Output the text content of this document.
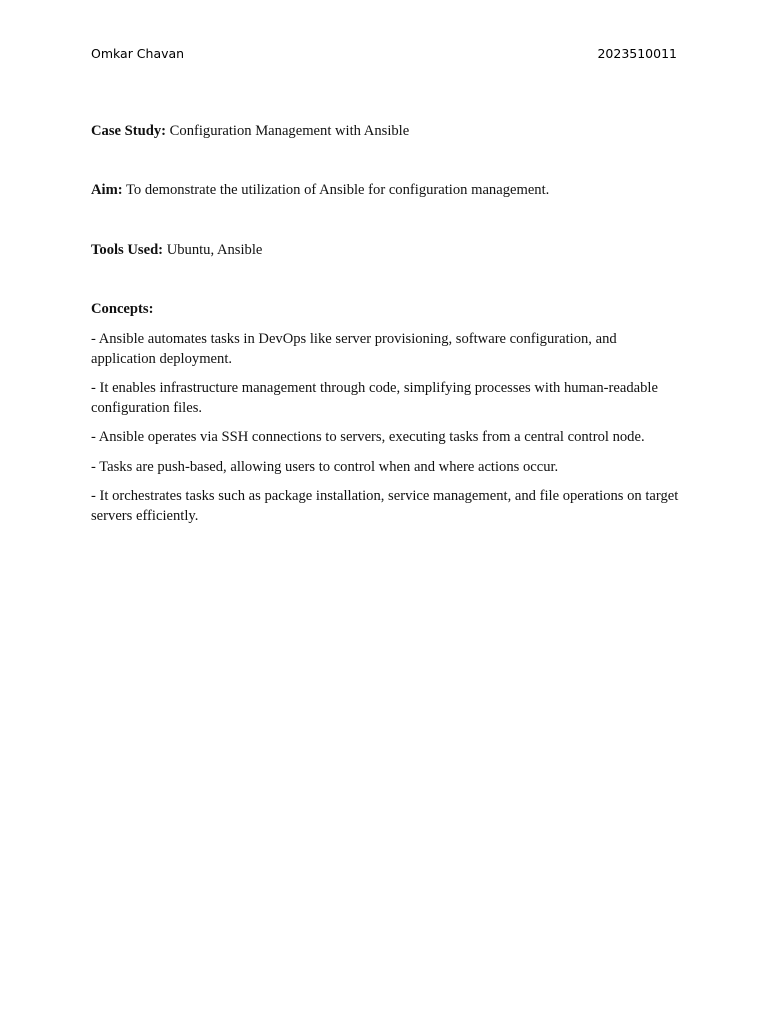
Omkar Chavan	2023510011
Case Study: Configuration Management with Ansible
Aim: To demonstrate the utilization of Ansible for configuration management.
Tools Used: Ubuntu, Ansible
Concepts:
- Ansible automates tasks in DevOps like server provisioning, software configuration, and application deployment.
- It enables infrastructure management through code, simplifying processes with human-readable configuration files.
- Ansible operates via SSH connections to servers, executing tasks from a central control node.
- Tasks are push-based, allowing users to control when and where actions occur.
- It orchestrates tasks such as package installation, service management, and file operations on target servers efficiently.
